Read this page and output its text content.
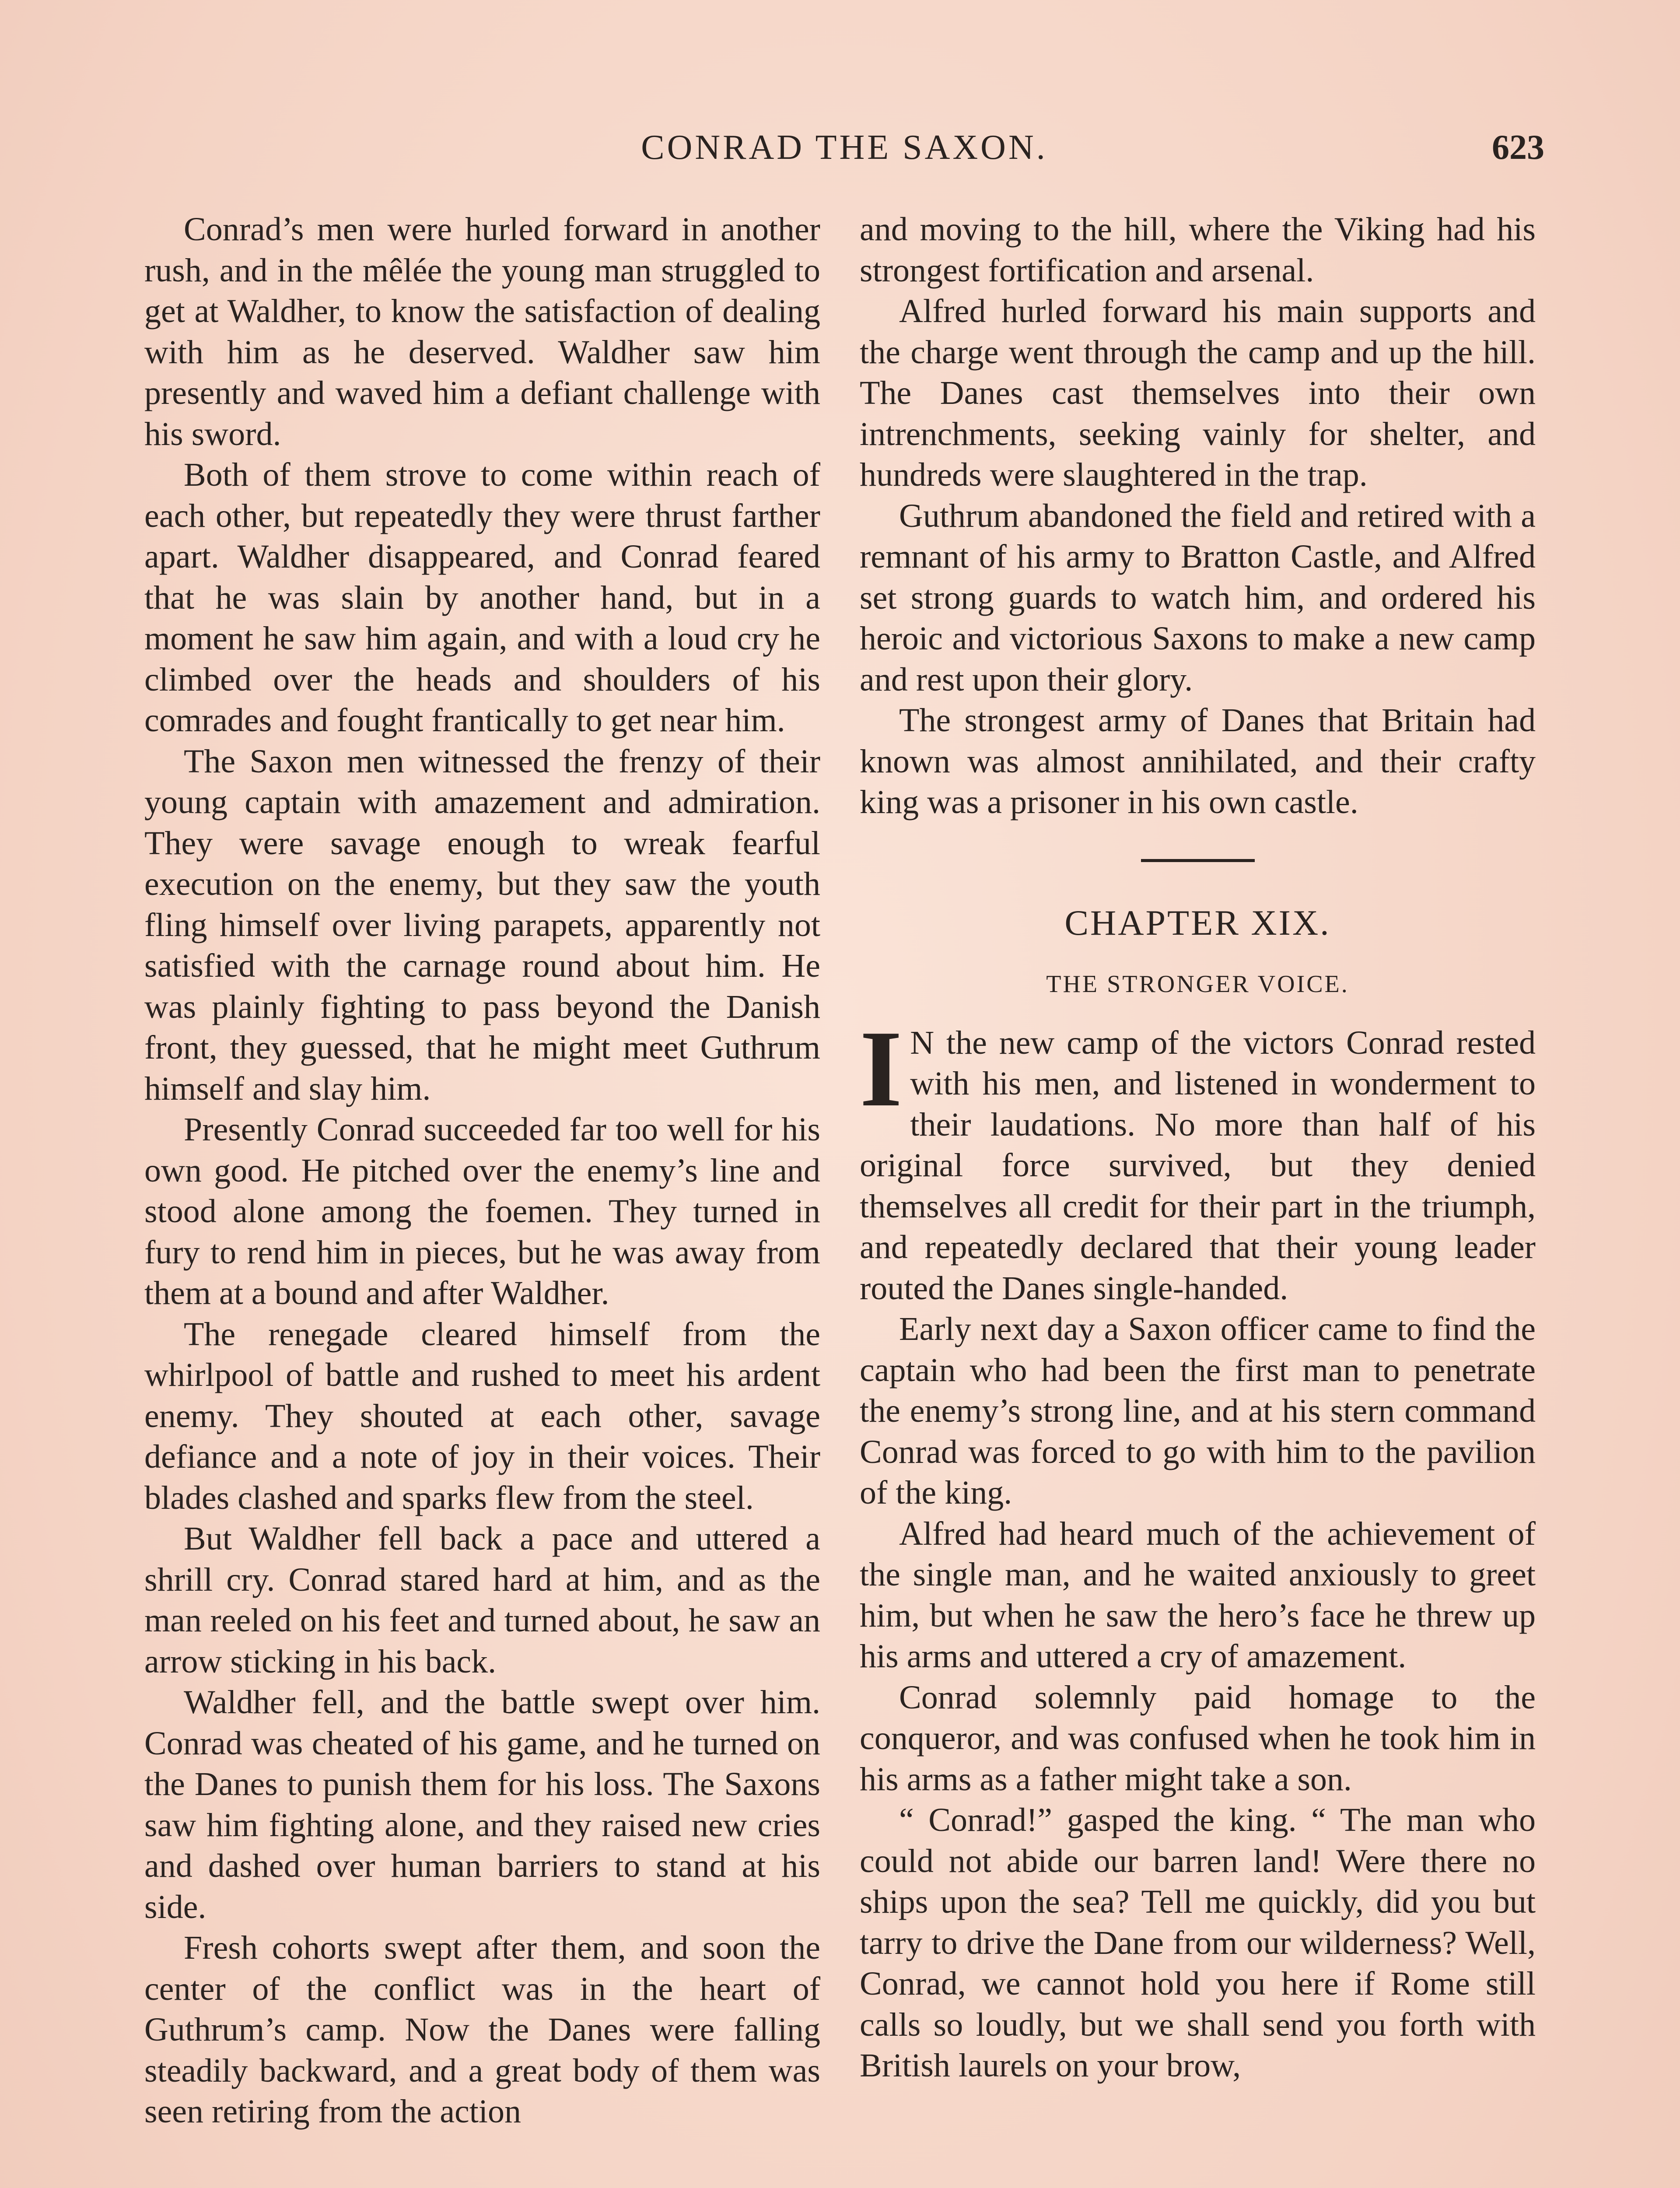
CONRAD THE SAXON.	623

Conrad’s men were hurled forward in another rush, and in the mêlée the young man struggled to get at Waldher, to know the satisfaction of dealing with him as he deserved. Waldher saw him presently and waved him a defiant challenge with his sword.

Both of them strove to come within reach of each other, but repeatedly they were thrust farther apart. Waldher disappeared, and Conrad feared that he was slain by another hand, but in a moment he saw him again, and with a loud cry he climbed over the heads and shoulders of his comrades and fought frantically to get near him.

The Saxon men witnessed the frenzy of their young captain with amazement and admiration. They were savage enough to wreak fearful execution on the enemy, but they saw the youth fling himself over living parapets, apparently not satisfied with the carnage round about him. He was plainly fighting to pass beyond the Danish front, they guessed, that he might meet Guthrum himself and slay him.

Presently Conrad succeeded far too well for his own good. He pitched over the enemy’s line and stood alone among the foemen. They turned in fury to rend him in pieces, but he was away from them at a bound and after Waldher.

The renegade cleared himself from the whirlpool of battle and rushed to meet his ardent enemy. They shouted at each other, savage defiance and a note of joy in their voices. Their blades clashed and sparks flew from the steel.

But Waldher fell back a pace and uttered a shrill cry. Conrad stared hard at him, and as the man reeled on his feet and turned about, he saw an arrow sticking in his back.

Waldher fell, and the battle swept over him. Conrad was cheated of his game, and he turned on the Danes to punish them for his loss. The Saxons saw him fighting alone, and they raised new cries and dashed over human barriers to stand at his side.

Fresh cohorts swept after them, and soon the center of the conflict was in the heart of Guthrum’s camp. Now the Danes were falling steadily backward, and a great body of them was seen retiring from the action

and moving to the hill, where the Viking had his strongest fortification and arsenal.

Alfred hurled forward his main supports and the charge went through the camp and up the hill. The Danes cast themselves into their own intrenchments, seeking vainly for shelter, and hundreds were slaughtered in the trap.

Guthrum abandoned the field and retired with a remnant of his army to Bratton Castle, and Alfred set strong guards to watch him, and ordered his heroic and victorious Saxons to make a new camp and rest upon their glory.

The strongest army of Danes that Britain had known was almost annihilated, and their crafty king was a prisoner in his own castle.

CHAPTER XIX.
THE STRONGER VOICE.

I N the new camp of the victors Conrad rested with his men, and listened in wonderment to their laudations. No more than half of his original force survived, but they denied themselves all credit for their part in the triumph, and repeatedly declared that their young leader routed the Danes single-handed.

Early next day a Saxon officer came to find the captain who had been the first man to penetrate the enemy’s strong line, and at his stern command Conrad was forced to go with him to the pavilion of the king.

Alfred had heard much of the achievement of the single man, and he waited anxiously to greet him, but when he saw the hero’s face he threw up his arms and uttered a cry of amazement.

Conrad solemnly paid homage to the conqueror, and was confused when he took him in his arms as a father might take a son.

“ Conrad!” gasped the king. “ The man who could not abide our barren land! Were there no ships upon the sea? Tell me quickly, did you but tarry to drive the Dane from our wilderness? Well, Conrad, we cannot hold you here if Rome still calls so loudly, but we shall send you forth with British laurels on your brow,
